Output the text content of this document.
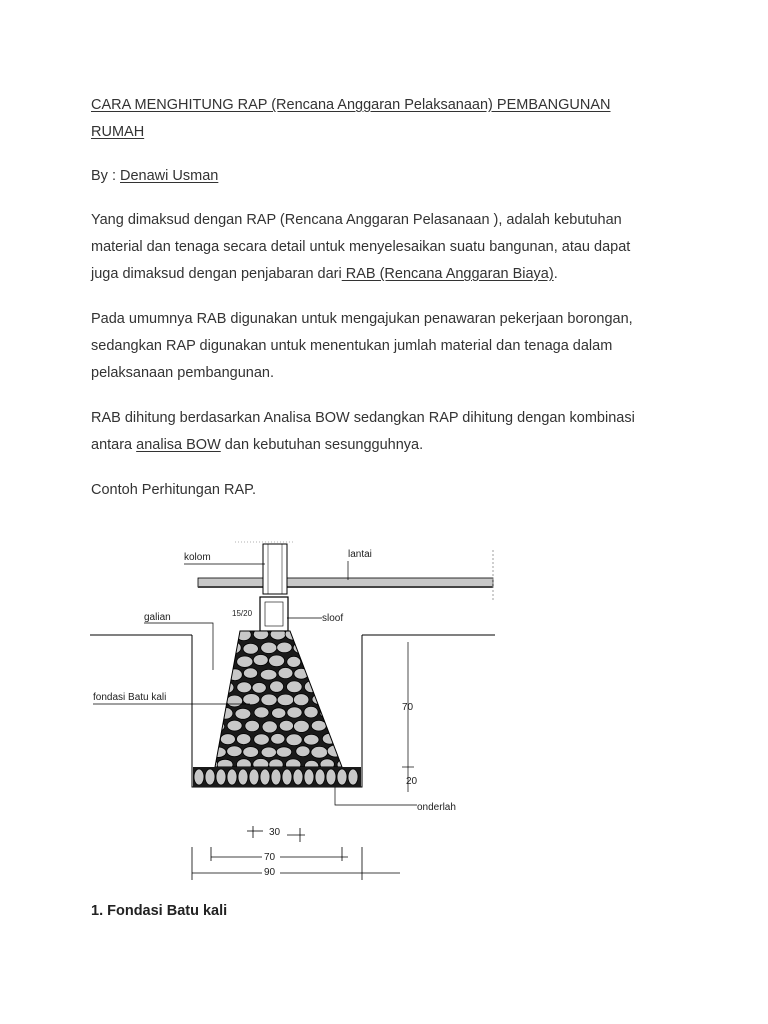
CARA MENGHITUNG RAP (Rencana Anggaran Pelaksanaan) PEMBANGUNAN
RUMAH
By : Denawi Usman
Yang dimaksud dengan RAP (Rencana Anggaran Pelasanaan ), adalah kebutuhan
material dan tenaga secara detail untuk menyelesaikan suatu bangunan, atau dapat
juga dimaksud dengan penjabaran dari RAB (Rencana Anggaran Biaya).
Pada umumnya RAB digunakan untuk mengajukan penawaran pekerjaan borongan,
sedangkan RAP digunakan untuk menentukan jumlah material dan tenaga dalam
pelaksanaan pembangunan.
RAB dihitung berdasarkan Analisa BOW sedangkan RAP dihitung dengan kombinasi
antara analisa BOW dan kebutuhan sesungguhnya.
Contoh Perhitungan RAP.
kolom	lantai
galian	15/20	sloof
fondasi Batu kali
70
20
onderlah
30
70
90
1. Fondasi Batu kali
